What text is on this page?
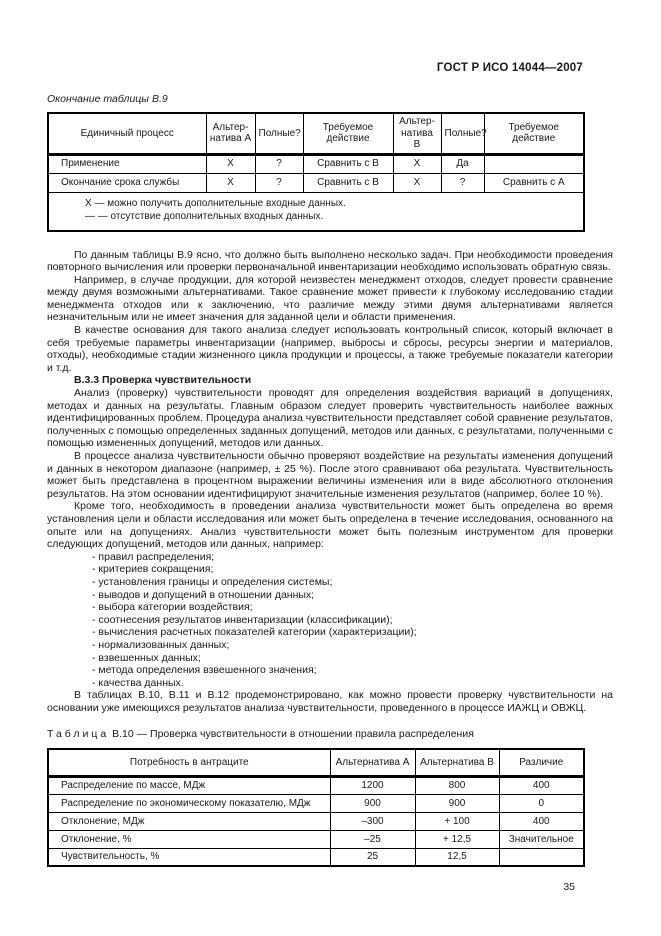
ГОСТ Р ИСО 14044—2007
Окончание таблицы В.9
Единичный процесс	Альтер-натива А	Полные?	Требуемое действие	Альтер-натива В	Полные?	Требуемое действие
Применение	X	?	Сравнить с В	X	Да	
Окончание срока службы	X	?	Сравнить с В	X	?	Сравнить с А

X — можно получить дополнительные входные данных.
— — отсутствие дополнительных входных данных.						

По данным таблицы В.9 ясно, что должно быть выполнено несколько задач. При необходимости проведения повторного вычисления или проверки первоначальной инвентаризации необходимо использовать обратную связь.

Например, в случае продукции, для которой неизвестен менеджмент отходов, следует провести сравнение между двумя возможными альтернативами. Такое сравнение может привести к глубокому исследованию стадии менеджмента отходов или к заключению, что различие между этими двумя альтернативами является незначительным или не имеет значения для заданной цели и области применения.

В качестве основания для такого анализа следует использовать контрольный список, который включает в себя требуемые параметры инвентаризации (например, выбросы и сбросы, ресурсы энергии и материалов, отходы), необходимые стадии жизненного цикла продукции и процессы, а также требуемые показатели категории и т.д.

В.3.3 Проверка чувствительности

Анализ (проверку) чувствительности проводят для определения воздействия вариаций в допущениях, методах и данных на результаты. Главным образом следует проверить чувствительность наиболее важных идентифицированных проблем. Процедура анализа чувствительности представляет собой сравнение результатов, полученных с помощью определенных заданных допущений, методов или данных, с результатами, полученными с помощью измененных допущений, методов или данных.

В процессе анализа чувствительности обычно проверяют воздействие на результаты изменения допущений и данных в некотором диапазоне (например, ± 25 %). После этого сравнивают оба результата. Чувствительность может быть представлена в процентном выражении величины изменения или в виде абсолютного отклонения результатов. На этом основании идентифицируют значительные изменения результатов (например, более 10 %).

Кроме того, необходимость в проведении анализа чувствительности может быть определена во время установления цели и области исследования или может быть определена в течение исследования, основанного на опыте или на допущениях. Анализ чувствительности может быть полезным инструментом для проверки следующих допущений, методов или данных, например:

- правил распределения;
- критериев сокращения;
- установления границы и определения системы;
- выводов и допущений в отношении данных;
- выбора категории воздействия;
- соотнесения результатов инвентаризации (классификации);
- вычисления расчетных показателей категории (характеризации);
- нормализованных данных;
- взвешенных данных;
- метода определения взвешенного значения;
- качества данных.

В таблицах В.10, В.11 и В.12 продемонстрировано, как можно провести проверку чувствительности на основании уже имеющихся результатов анализа чувствительности, проведенного в процессе ИАЖЦ и ОВЖЦ.

Таблица В.10 — Проверка чувствительности в отношении правила распределения
Потребность в антраците	Альтернатива А	Альтернатива В	Различие
Распределение по массе, МДж	1200	800	400
Распределение по экономическому показателю, МДж	900	900	0
Отклонение, МДж	–300	+ 100	400
Отклонение, %	–25	+ 12,5	Значительное
Чувствительность, %	25	12,5	
35
